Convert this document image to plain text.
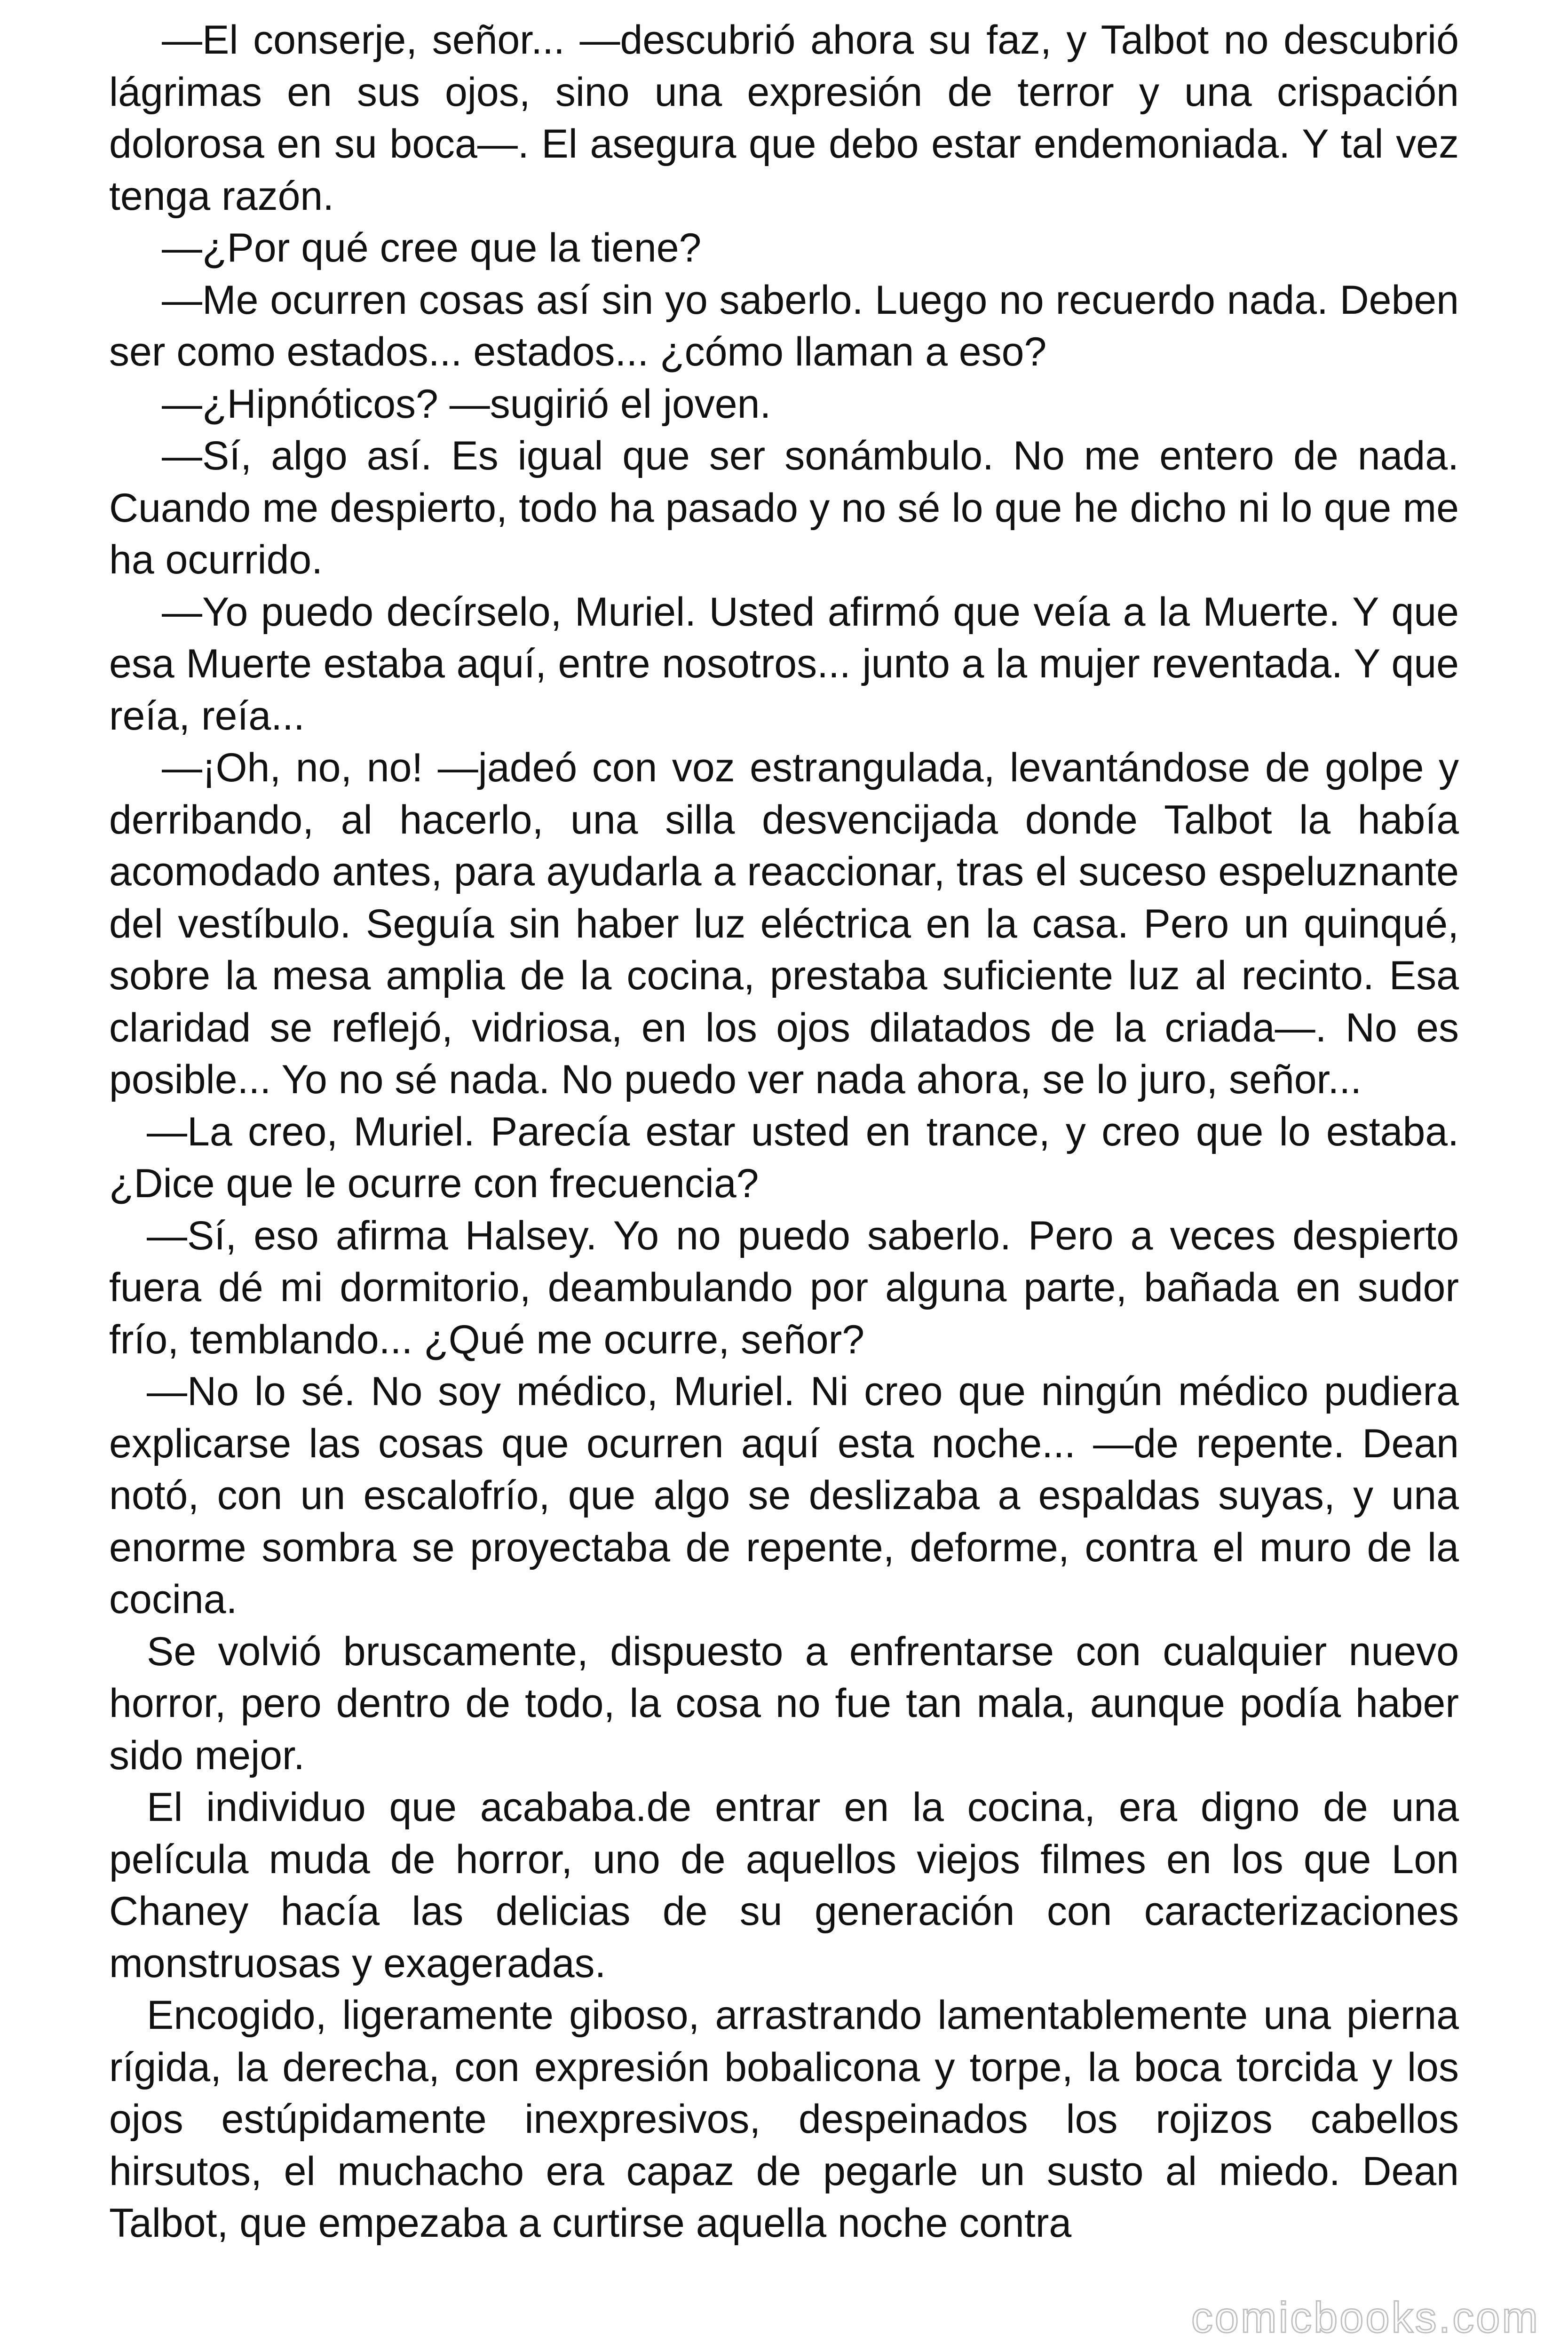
—El conserje, señor... —descubrió ahora su faz, y Talbot no descubrió lágrimas en sus ojos, sino una expresión de terror y una crispación dolorosa en su boca—. El asegura que debo estar endemoniada. Y tal vez tenga razón.

—¿Por qué cree que la tiene?

—Me ocurren cosas así sin yo saberlo. Luego no recuerdo nada. Deben ser como estados... estados... ¿cómo llaman a eso?

—¿Hipnóticos? —sugirió el joven.

—Sí, algo así. Es igual que ser sonámbulo. No me entero de nada. Cuando me despierto, todo ha pasado y no sé lo que he dicho ni lo que me ha ocurrido.

—Yo puedo decírselo, Muriel. Usted afirmó que veía a la Muerte. Y que esa Muerte estaba aquí, entre nosotros... junto a la mujer reventada. Y que reía, reía...

—¡Oh, no, no! —jadeó con voz estrangulada, levantándose de golpe y derribando, al hacerlo, una silla desvencijada donde Talbot la había acomodado antes, para ayudarla a reaccionar, tras el suceso espeluznante del vestíbulo. Seguía sin haber luz eléctrica en la casa. Pero un quinqué, sobre la mesa amplia de la cocina, prestaba suficiente luz al recinto. Esa claridad se reflejó, vidriosa, en los ojos dilatados de la criada—. No es posible... Yo no sé nada. No puedo ver nada ahora, se lo juro, señor...

—La creo, Muriel. Parecía estar usted en trance, y creo que lo estaba. ¿Dice que le ocurre con frecuencia?

—Sí, eso afirma Halsey. Yo no puedo saberlo. Pero a veces despierto fuera dé mi dormitorio, deambulando por alguna parte, bañada en sudor frío, temblando... ¿Qué me ocurre, señor?

—No lo sé. No soy médico, Muriel. Ni creo que ningún médico pudiera explicarse las cosas que ocurren aquí esta noche... —de repente. Dean notó, con un escalofrío, que algo se deslizaba a espaldas suyas, y una enorme sombra se proyectaba de repente, deforme, contra el muro de la cocina.

Se volvió bruscamente, dispuesto a enfrentarse con cualquier nuevo horror, pero dentro de todo, la cosa no fue tan mala, aunque podía haber sido mejor.

El individuo que acababa.de entrar en la cocina, era digno de una película muda de horror, uno de aquellos viejos filmes en los que Lon Chaney hacía las delicias de su generación con caracterizaciones monstruosas y exageradas.

Encogido, ligeramente giboso, arrastrando lamentablemente una pierna rígida, la derecha, con expresión bobalicona y torpe, la boca torcida y los ojos estúpidamente inexpresivos, despeinados los rojizos cabellos hirsutos, el muchacho era capaz de pegarle un susto al miedo. Dean Talbot, que empezaba a curtirse aquella noche contra

comicbooks.com
